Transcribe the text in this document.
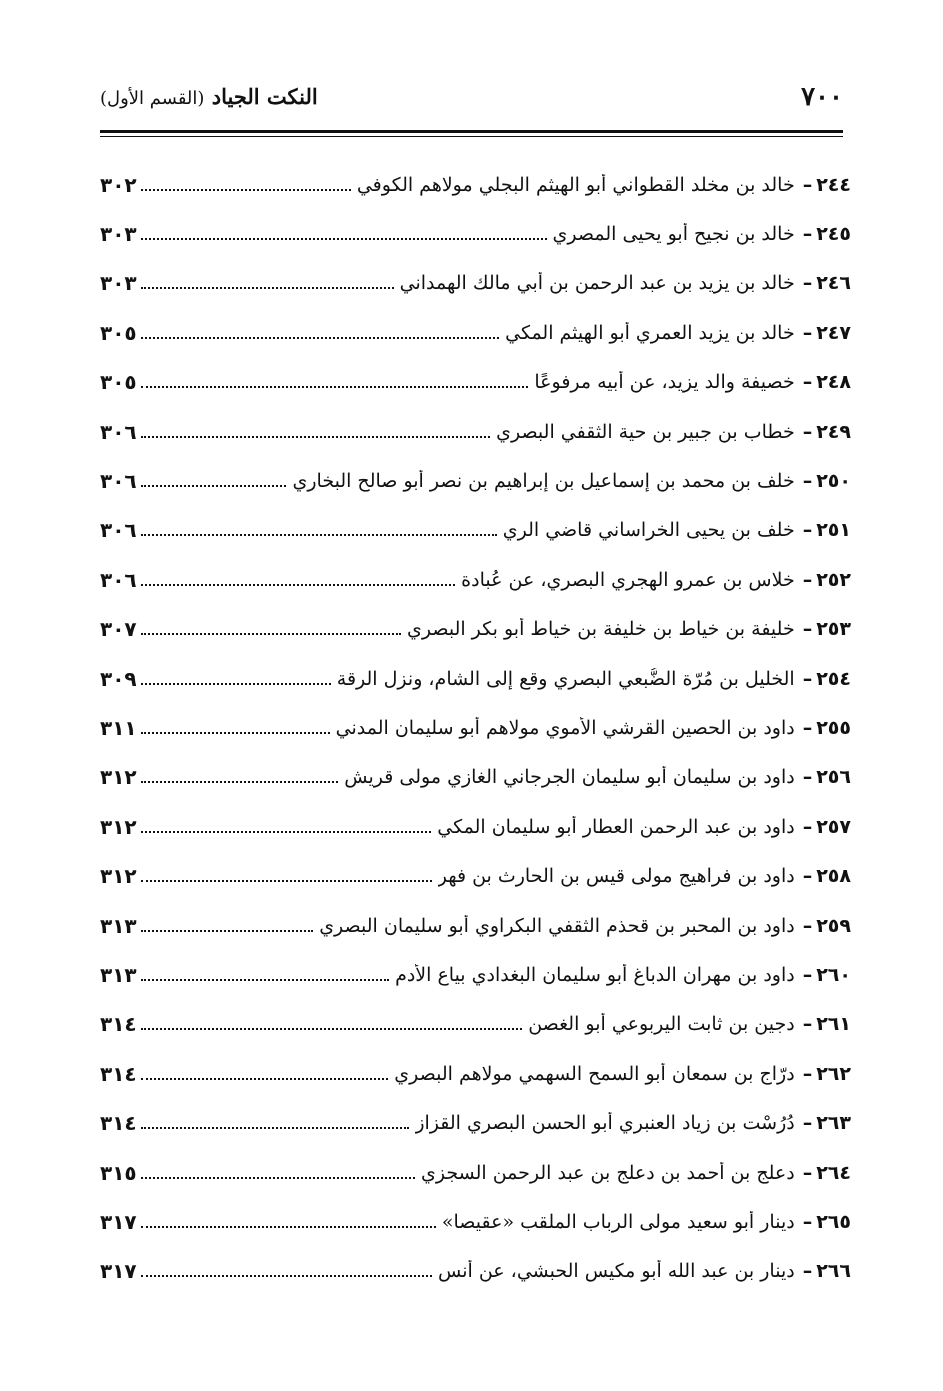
٧٠٠
النكت الجياد (القسم الأول)
٢٤٤
–
خالد بن مخلد القطواني أبو الهيثم البجلي مولاهم الكوفي
٣٠٢
٢٤٥
–
خالد بن نجيح أبو يحيى المصري
٣٠٣
٢٤٦
–
خالد بن يزيد بن عبد الرحمن بن أبي مالك الهمداني
٣٠٣
٢٤٧
–
خالد بن يزيد العمري أبو الهيثم المكي
٣٠٥
٢٤٨
–
خصيفة والد يزيد، عن أبيه مرفوعًا
٣٠٥
٢٤٩
–
خطاب بن جبير بن حية الثقفي البصري
٣٠٦
٢٥٠
–
خلف بن محمد بن إسماعيل بن إبراهيم بن نصر أبو صالح البخاري
٣٠٦
٢٥١
–
خلف بن يحيى الخراساني قاضي الري
٣٠٦
٢٥٢
–
خلاس بن عمرو الهجري البصري، عن عُبادة
٣٠٦
٢٥٣
–
خليفة بن خياط بن خليفة بن خياط أبو بكر البصري
٣٠٧
٢٥٤
–
الخليل بن مُرّة الضُّبعي البصري وقع إلى الشام، ونزل الرقة
٣٠٩
٢٥٥
–
داود بن الحصين القرشي الأموي مولاهم أبو سليمان المدني
٣١١
٢٥٦
–
داود بن سليمان أبو سليمان الجرجاني الغازي مولى قريش
٣١٢
٢٥٧
–
داود بن عبد الرحمن العطار أبو سليمان المكي
٣١٢
٢٥٨
–
داود بن فراهيج مولى قيس بن الحارث بن فهر
٣١٢
٢٥٩
–
داود بن المحبر بن قحذم الثقفي البكراوي أبو سليمان البصري
٣١٣
٢٦٠
–
داود بن مهران الدباغ أبو سليمان البغدادي بياع الأدم
٣١٣
٢٦١
–
دجين بن ثابت اليربوعي أبو الغصن
٣١٤
٢٦٢
–
درّاج بن سمعان أبو السمح السهمي مولاهم البصري
٣١٤
٢٦٣
–
دُرُسْت بن زياد العنبري أبو الحسن البصري القزاز
٣١٤
٢٦٤
–
دعلج بن أحمد بن دعلج بن عبد الرحمن السجزي
٣١٥
٢٦٥
–
دينار أبو سعيد مولى الرباب الملقب «عقيصا»
٣١٧
٢٦٦
–
دينار بن عبد الله أبو مكيس الحبشي، عن أنس
٣١٧
